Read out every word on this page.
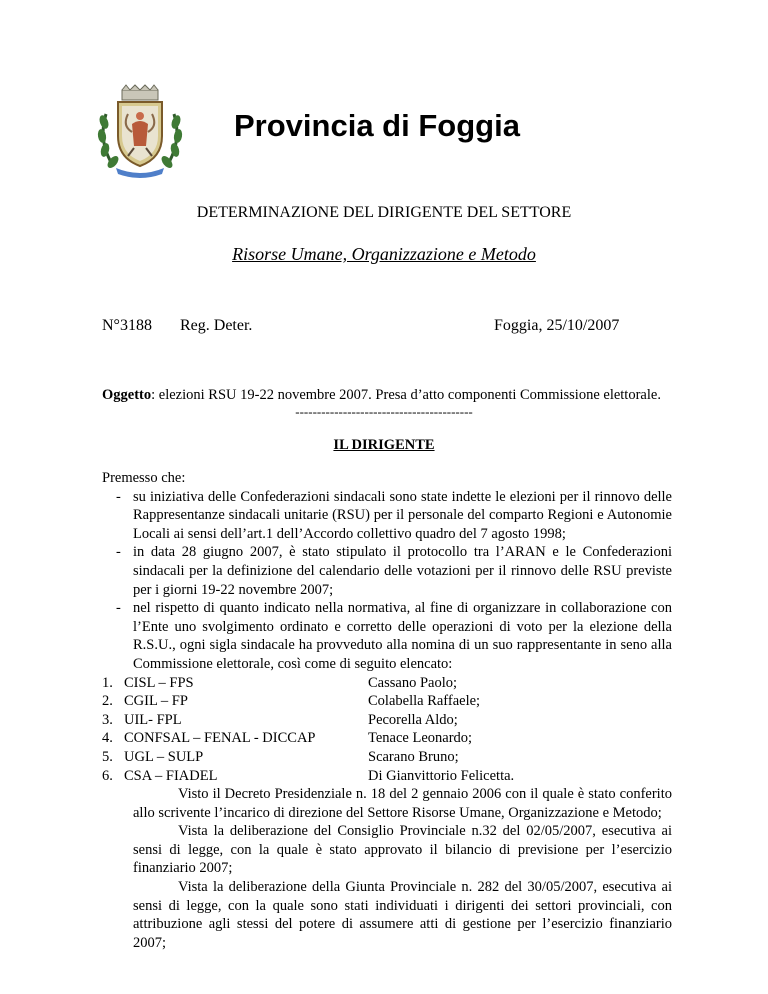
Provincia di Foggia
DETERMINAZIONE DEL DIRIGENTE DEL SETTORE
Risorse Umane, Organizzazione e Metodo
N°3188 Reg. Deter.	Foggia, 25/10/2007
Oggetto: elezioni RSU 19-22 novembre 2007. Presa d’atto componenti Commissione elettorale.
-----------------------------------------
IL DIRIGENTE
Premesso che:
- su iniziativa delle Confederazioni sindacali sono state indette le elezioni per il rinnovo delle Rappresentanze sindacali unitarie (RSU) per il personale del comparto Regioni e Autonomie Locali ai sensi dell’art.1 dell’Accordo collettivo quadro del 7 agosto 1998;
- in data 28 giugno 2007, è stato stipulato il protocollo tra l’ARAN e le Confederazioni sindacali per la definizione del calendario delle votazioni per il rinnovo delle RSU previste per i giorni 19-22 novembre 2007;
- nel rispetto di quanto indicato nella normativa, al fine di organizzare in collaborazione con l’Ente uno svolgimento ordinato e corretto delle operazioni di voto per la elezione della R.S.U., ogni sigla sindacale ha provveduto alla nomina di un suo rappresentante in seno alla Commissione elettorale, così come di seguito elencato:
1. CISL – FPS	Cassano Paolo;
2. CGIL – FP	Colabella Raffaele;
3. UIL- FPL	Pecorella Aldo;
4. CONFSAL – FENAL - DICCAP	Tenace Leonardo;
5. UGL – SULP	Scarano Bruno;
6. CSA – FIADEL	Di Gianvittorio Felicetta.
Visto il Decreto Presidenziale n. 18 del 2 gennaio 2006 con il quale è stato conferito allo scrivente l’incarico di direzione del Settore Risorse Umane, Organizzazione e Metodo;
Vista la deliberazione del Consiglio Provinciale n.32 del 02/05/2007, esecutiva ai sensi di legge, con la quale è stato approvato il bilancio di previsione per l’esercizio finanziario 2007;
Vista la deliberazione della Giunta Provinciale n. 282 del 30/05/2007, esecutiva ai sensi di legge, con la quale sono stati individuati i dirigenti dei settori provinciali, con attribuzione agli stessi del potere di assumere atti di gestione per l’esercizio finanziario 2007;
